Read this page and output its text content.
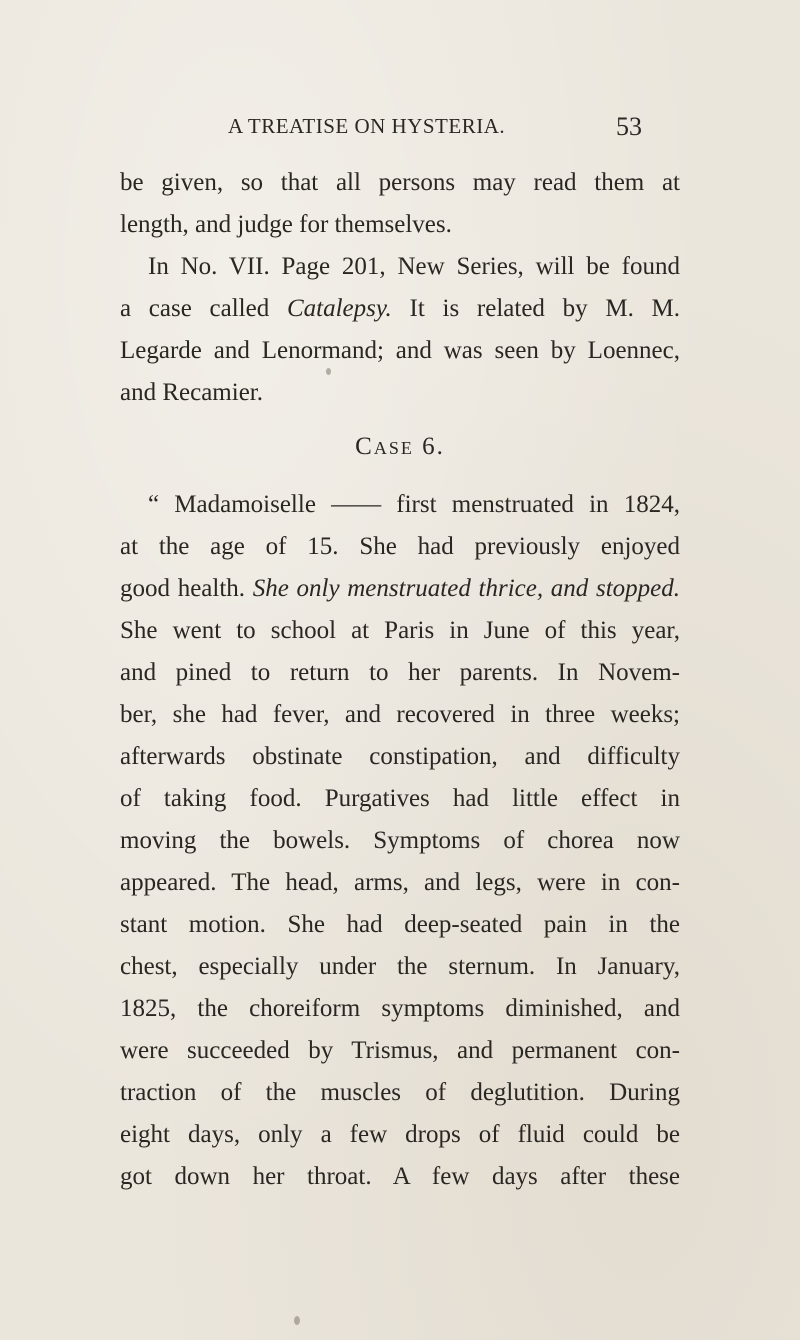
A TREATISE ON HYSTERIA.	53
be given, so that all persons may read them at
length, and judge for themselves.
In No. VII. Page 201, New Series, will be found
a case called Catalepsy. It is related by M. M.
Legarde and Lenormand; and was seen by Loennec,
and Recamier.
Case 6.
“ Madamoiselle —— first menstruated in 1824,
at the age of 15. She had previously enjoyed
good health. She only menstruated thrice, and stopped.
She went to school at Paris in June of this year,
and pined to return to her parents. In Novem-
ber, she had fever, and recovered in three weeks;
afterwards obstinate constipation, and difficulty
of taking food. Purgatives had little effect in
moving the bowels. Symptoms of chorea now
appeared. The head, arms, and legs, were in con-
stant motion. She had deep-seated pain in the
chest, especially under the sternum. In January,
1825, the choreiform symptoms diminished, and
were succeeded by Trismus, and permanent con-
traction of the muscles of deglutition. During
eight days, only a few drops of fluid could be
got down her throat. A few days after these
